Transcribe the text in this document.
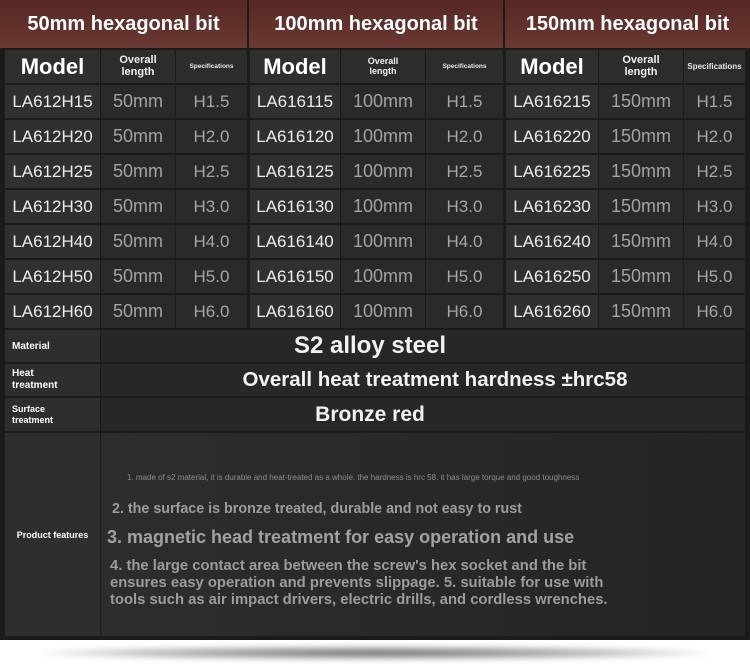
50mm hexagonal bit	100mm hexagonal bit	150mm hexagonal bit
Model	Overall length	Specifications
LA612H15	50mm	H1.5
LA612H20	50mm	H2.0
LA612H25	50mm	H2.5
LA612H30	50mm	H3.0
LA612H40	50mm	H4.0
LA612H50	50mm	H5.0
LA612H60	50mm	H6.0
Model	Overall length	Specifications
LA616115	100mm	H1.5
LA616120	100mm	H2.0
LA616125	100mm	H2.5
LA616130	100mm	H3.0
LA616140	100mm	H4.0
LA616150	100mm	H5.0
LA616160	100mm	H6.0
Model	Overall length	Specifications
LA616215	150mm	H1.5
LA616220	150mm	H2.0
LA616225	150mm	H2.5
LA616230	150mm	H3.0
LA616240	150mm	H4.0
LA616250	150mm	H5.0
LA616260	150mm	H6.0
Material	S2 alloy steel
Heat treatment	Overall heat treatment hardness ±hrc58
Surface treatment	Bronze red
Product features
1. made of s2 material, it is durable and heat-treated as a whole. the hardness is hrc 58. it has large torque and good toughness
2. the surface is bronze treated, durable and not easy to rust
3. magnetic head treatment for easy operation and use
4. the large contact area between the screw's hex socket and the bit
ensures easy operation and prevents slippage. 5. suitable for use with
tools such as air impact drivers, electric drills, and cordless wrenches.
